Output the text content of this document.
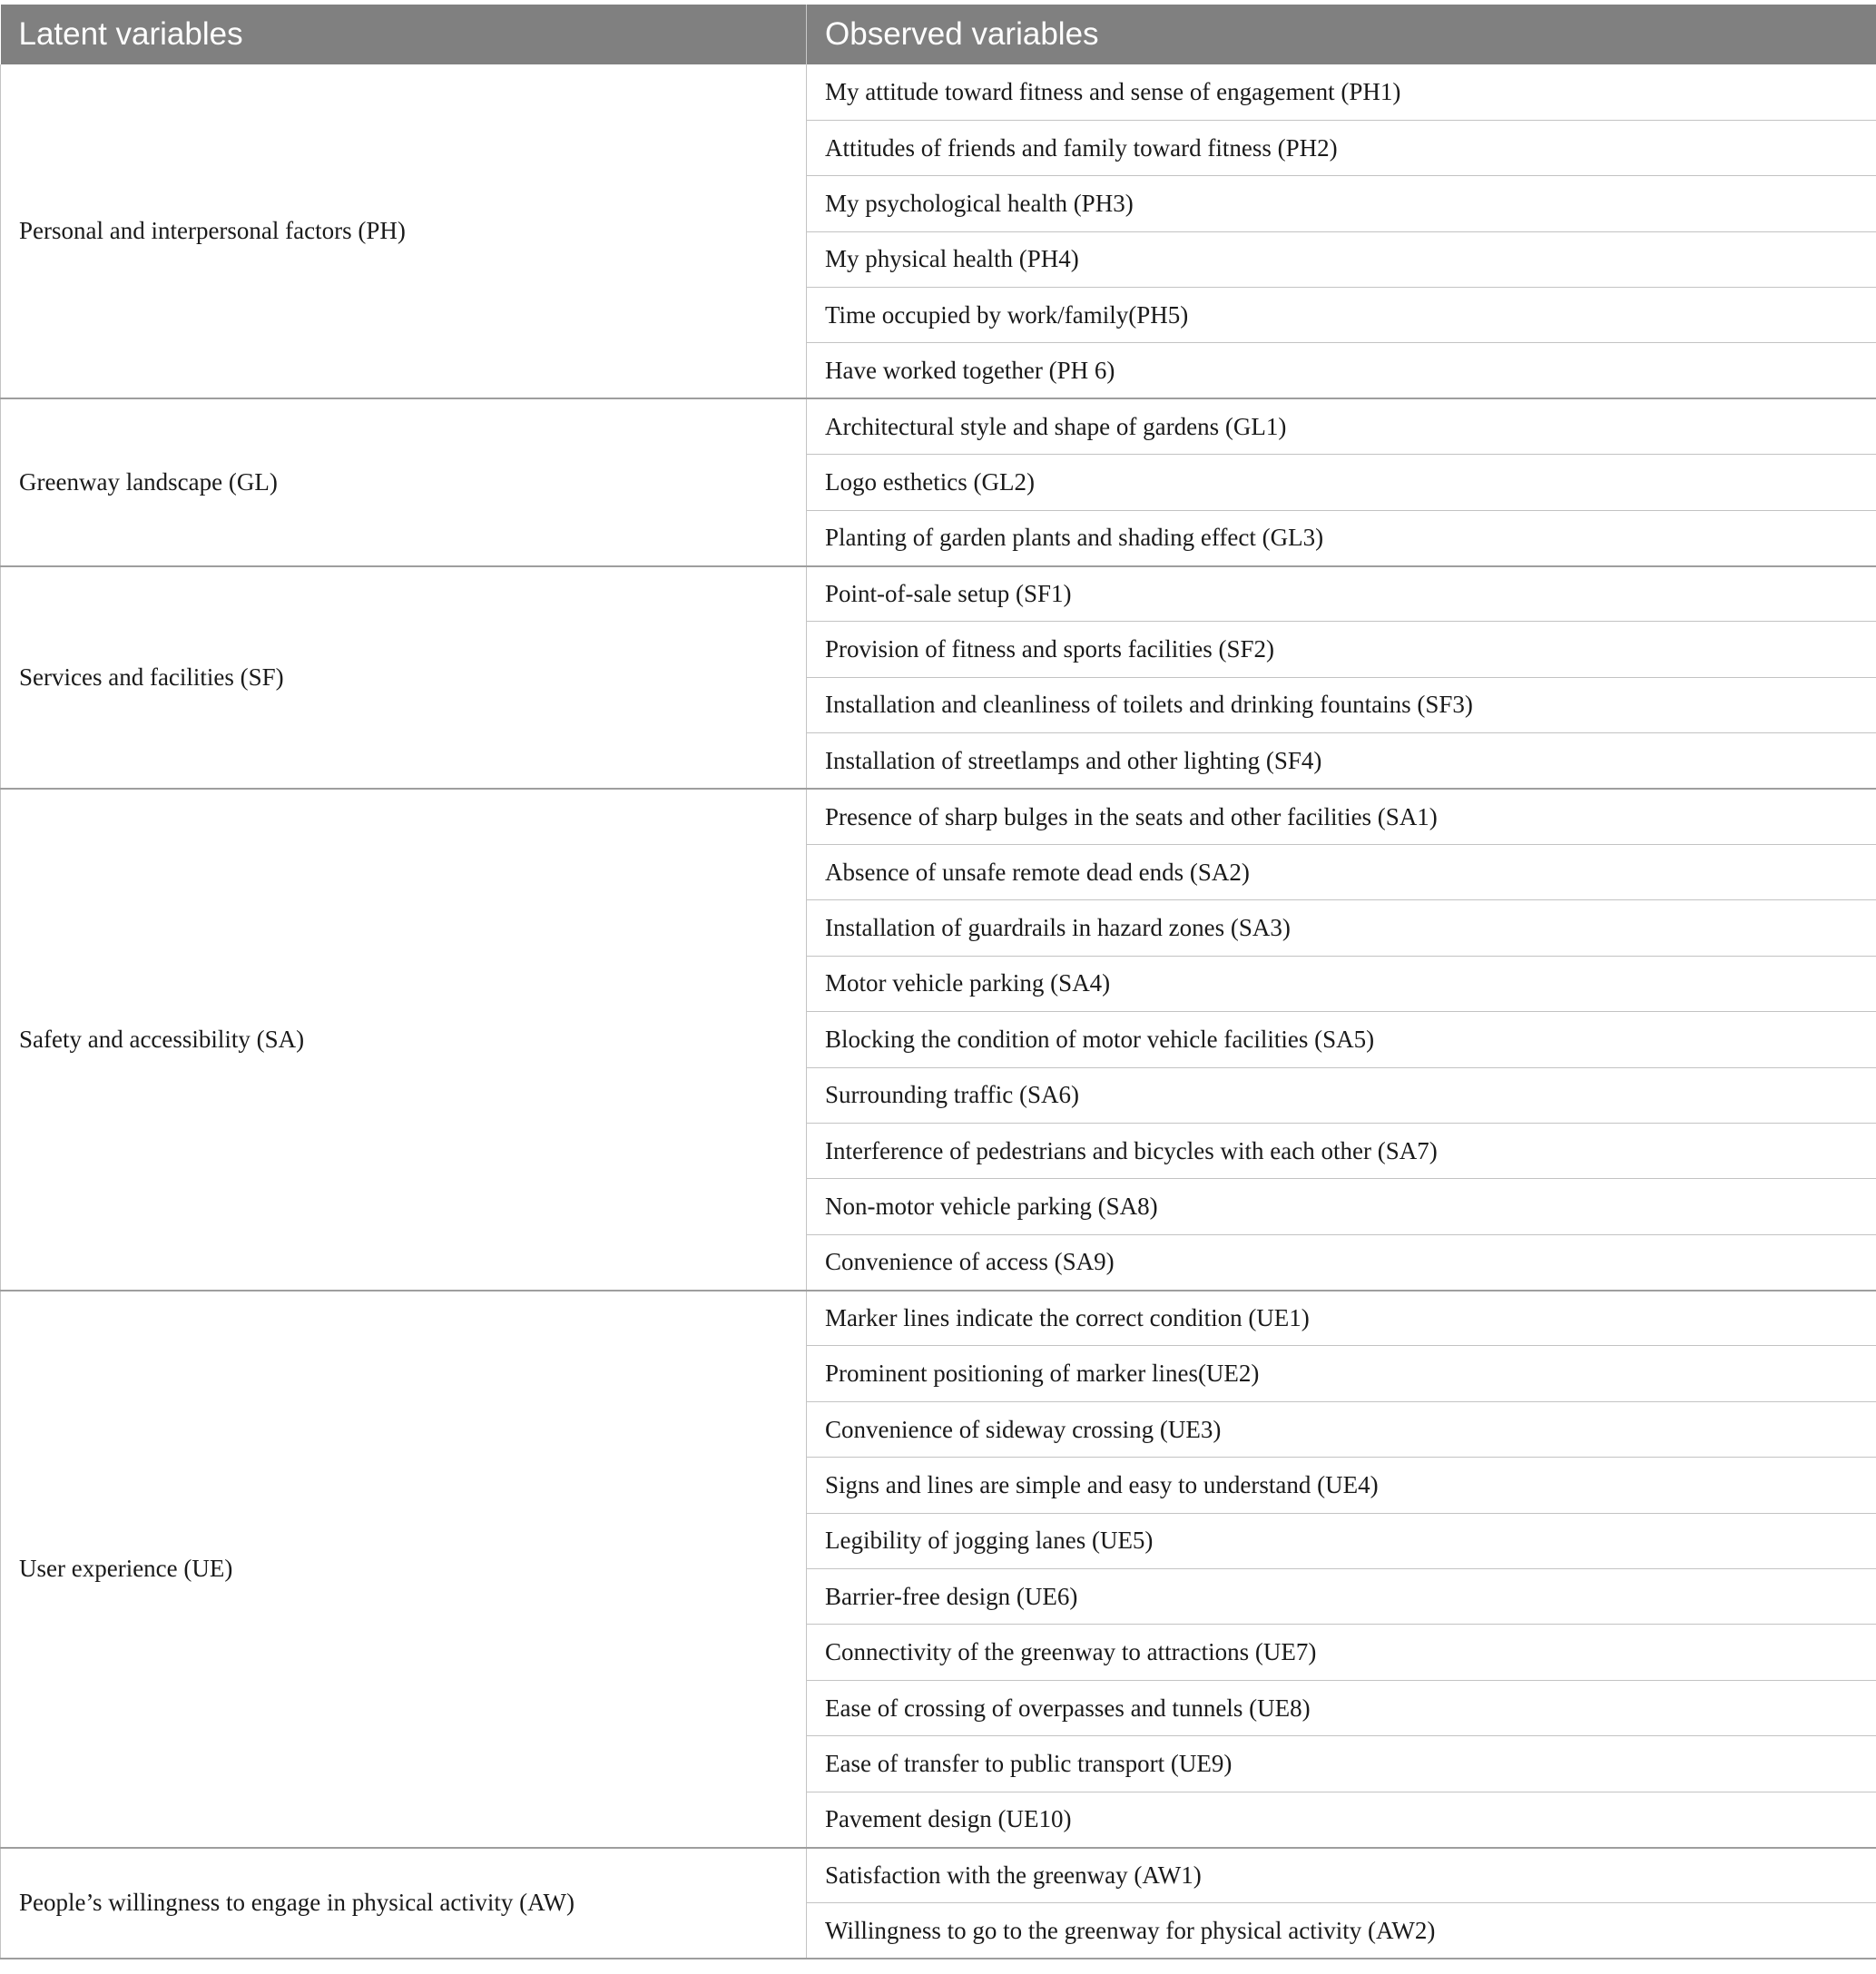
Latent variables	Observed variables
Personal and interpersonal factors (PH)	My attitude toward fitness and sense of engagement (PH1)
	Attitudes of friends and family toward fitness (PH2)
	My psychological health (PH3)
	My physical health (PH4)
	Time occupied by work/family(PH5)
	Have worked together (PH 6)
Greenway landscape (GL)	Architectural style and shape of gardens (GL1)
	Logo esthetics (GL2)
	Planting of garden plants and shading effect (GL3)
Services and facilities (SF)	Point-of-sale setup (SF1)
	Provision of fitness and sports facilities (SF2)
	Installation and cleanliness of toilets and drinking fountains (SF3)
	Installation of streetlamps and other lighting (SF4)
Safety and accessibility (SA)	Presence of sharp bulges in the seats and other facilities (SA1)
	Absence of unsafe remote dead ends (SA2)
	Installation of guardrails in hazard zones (SA3)
	Motor vehicle parking (SA4)
	Blocking the condition of motor vehicle facilities (SA5)
	Surrounding traffic (SA6)
	Interference of pedestrians and bicycles with each other (SA7)
	Non-motor vehicle parking (SA8)
	Convenience of access (SA9)
User experience (UE)	Marker lines indicate the correct condition (UE1)
	Prominent positioning of marker lines(UE2)
	Convenience of sideway crossing (UE3)
	Signs and lines are simple and easy to understand (UE4)
	Legibility of jogging lanes (UE5)
	Barrier-free design (UE6)
	Connectivity of the greenway to attractions (UE7)
	Ease of crossing of overpasses and tunnels (UE8)
	Ease of transfer to public transport (UE9)
	Pavement design (UE10)
People’s willingness to engage in physical activity (AW)	Satisfaction with the greenway (AW1)
	Willingness to go to the greenway for physical activity (AW2)
